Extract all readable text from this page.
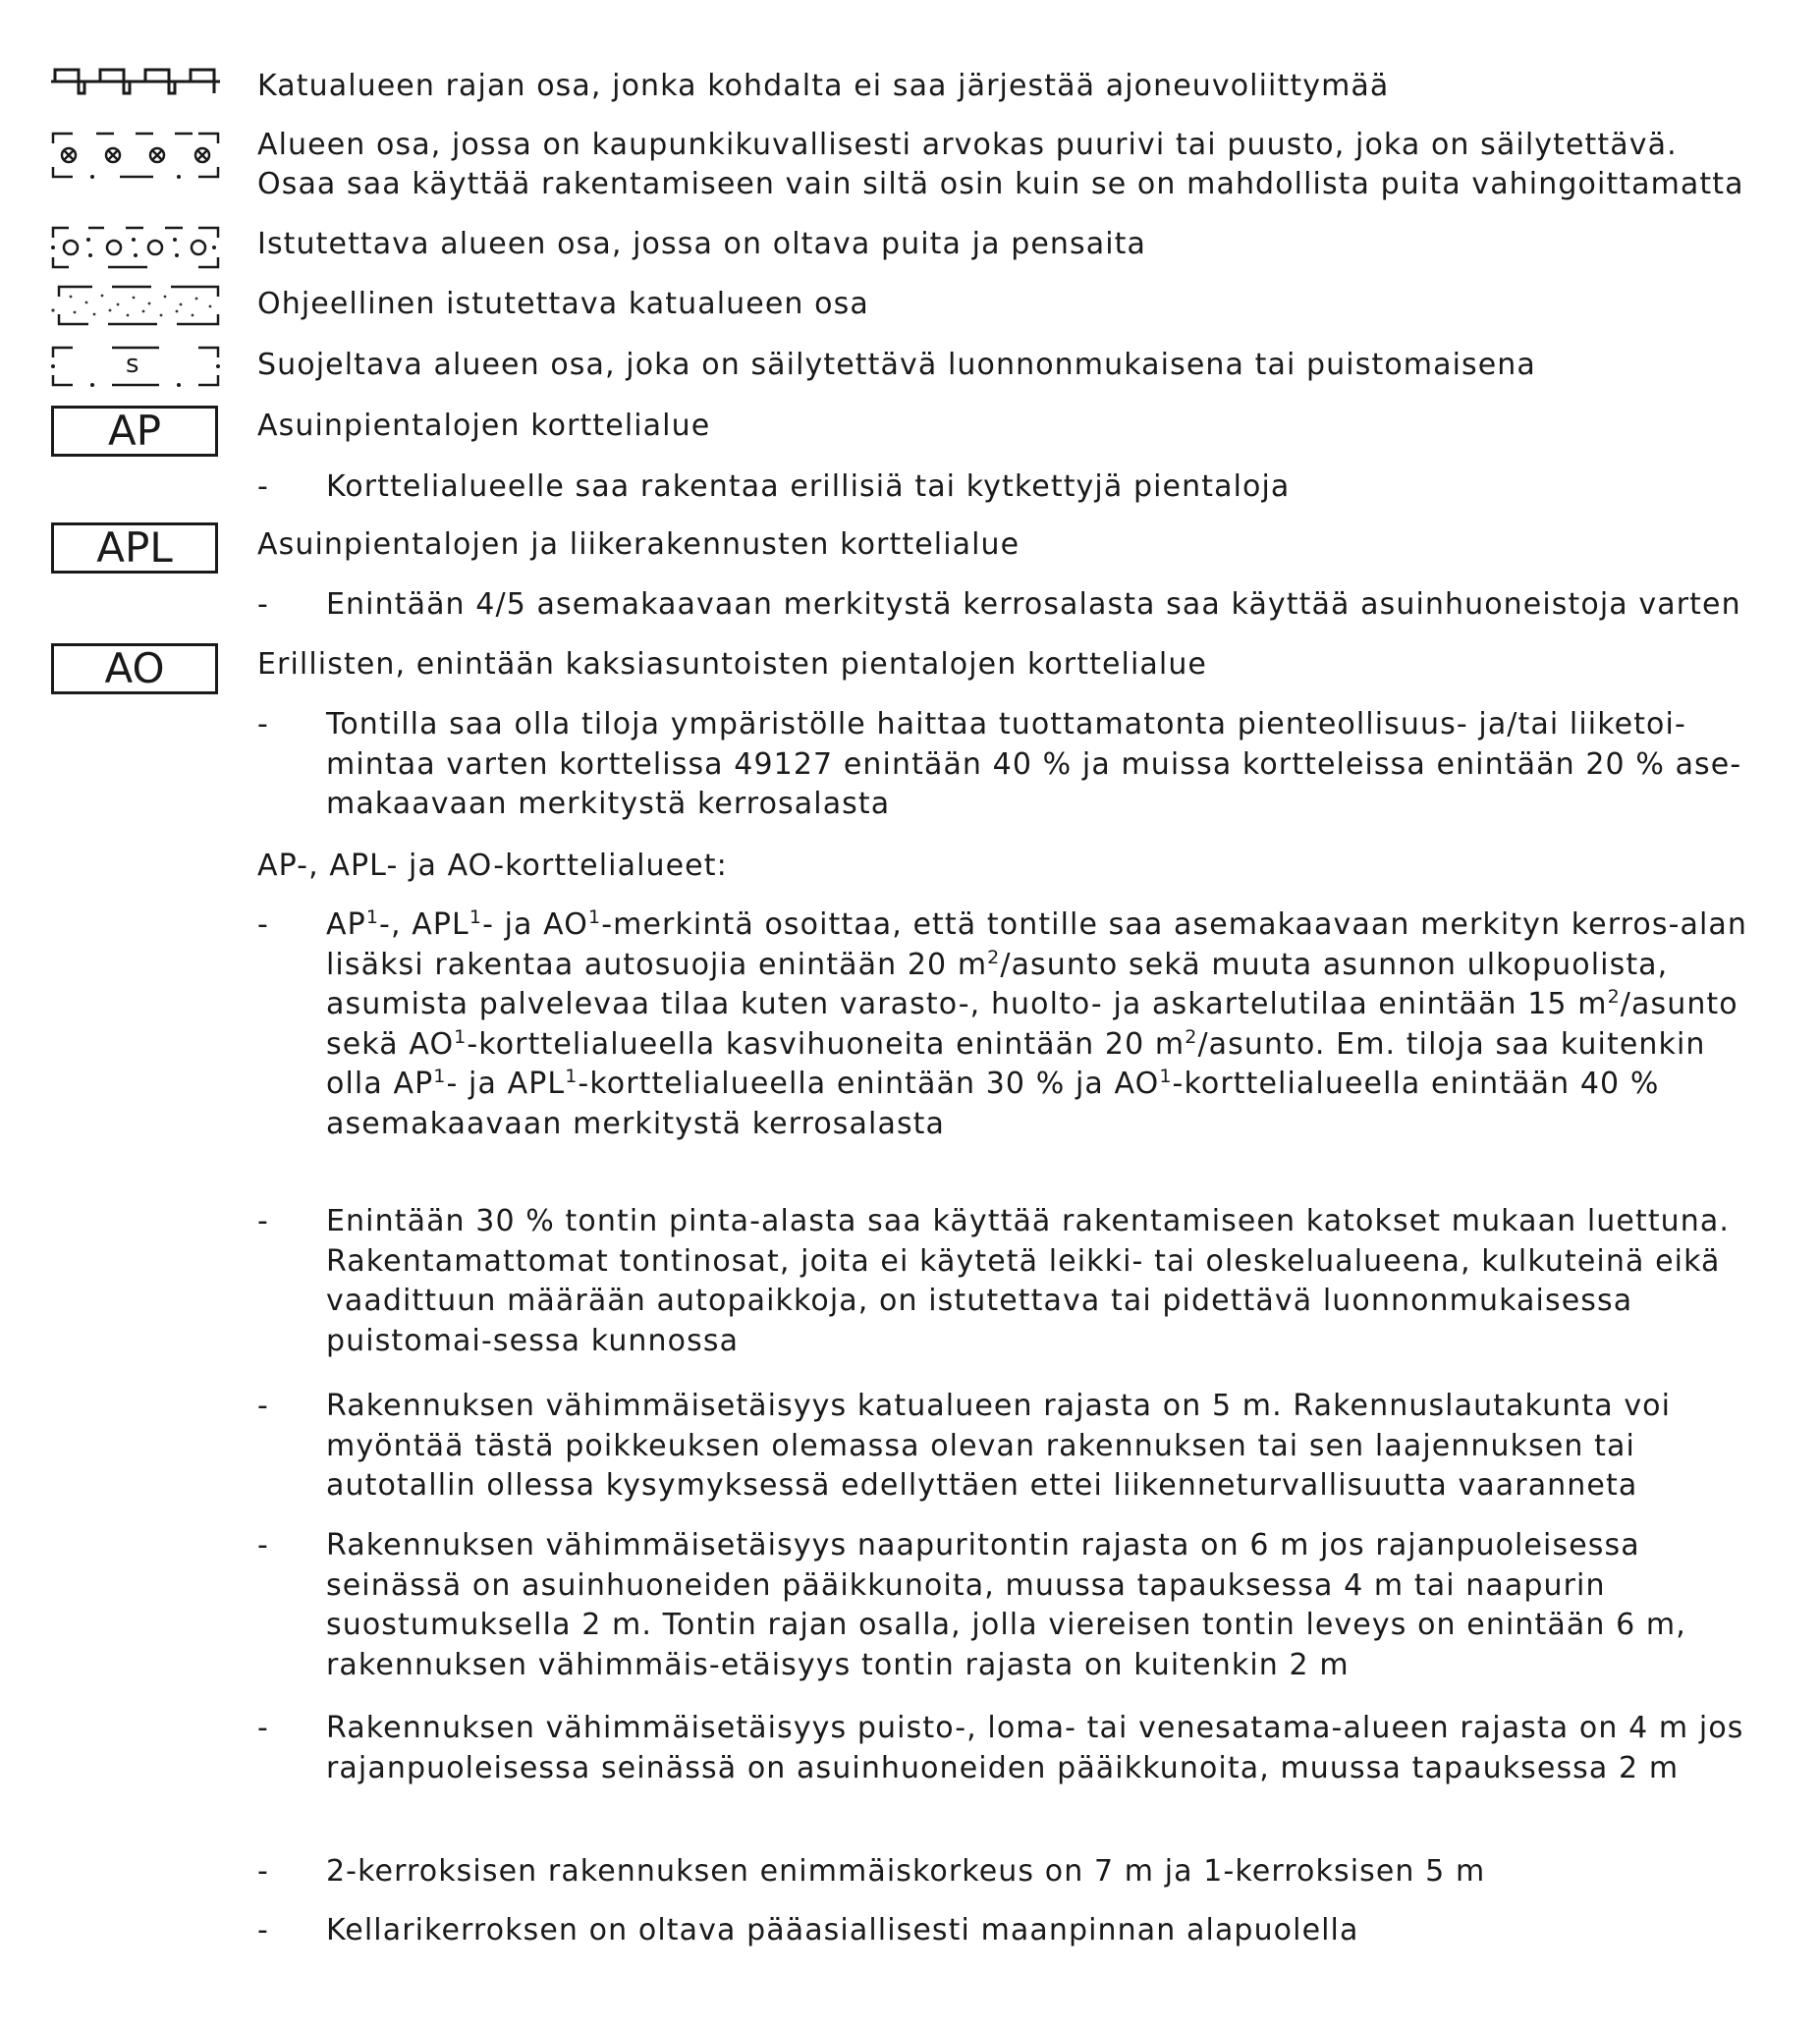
Katualueen rajan osa, jonka kohdalta ei saa järjestää ajoneuvoliittymää
Alueen osa, jossa on kaupunkikuvallisesti arvokas puurivi tai puusto, joka on säilytettävä.
Osaa saa käyttää rakentamiseen vain siltä osin kuin se on mahdollista puita vahingoittamatta
Istutettava alueen osa, jossa on oltava puita ja pensaita
Ohjeellinen istutettava katualueen osa
s	Suojeltava alueen osa, joka on säilytettävä luonnonmukaisena tai puistomaisena
AP	Asuinpientalojen korttelialue
- Korttelialueelle saa rakentaa erillisiä tai kytkettyjä pientaloja
APL	Asuinpientalojen ja liikerakennusten korttelialue
- Enintään 4/5 asemakaavaan merkitystä kerrosalasta saa käyttää asuinhuoneistoja varten
AO	Erillisten, enintään kaksiasuntoisten pientalojen korttelialue
- Tontilla saa olla tiloja ympäristölle haittaa tuottamatonta pienteollisuus- ja/tai liiketoi-mintaa varten korttelissa 49127 enintään 40 % ja muissa kortteleissa enintään 20 % ase-makaavaan merkitystä kerrosalasta
AP-, APL- ja AO-korttelialueet:
- $AP^1-$, APL$^1$- ja $AO^1$-merkintä osoittaa, että tontille saa asemakaavaan merkityn kerros-alan lisäksi rakentaa autosuojia enintään 20 $m^2$/asunto sekä muuta asunnon ulkopuolista, asumista palvelevaa tilaa kuten varasto-, huolto- ja askartelutilaa enintään 15 $m^2$/asunto sekä $AO^1$-korttelialueella kasvihuoneita enintään 20 $m^2$/asunto. Em. tiloja saa kuitenkin olla $AP^1-$ ja APL$^1$-korttelialueella enintään 30 % ja $AO^1$-korttelialueella enintään 40 % asemakaavaan merkitystä kerrosalasta
- Enintään 30 % tontin pinta-alasta saa käyttää rakentamiseen katokset mukaan luettuna. Rakentamattomat tontinosat, joita ei käytetä leikki- tai oleskelualueena, kulkuteinä eikä vaadittuun määrään autopaikkoja, on istutettava tai pidettävä luonnonmukaisessa puistomai-sessa kunnossa
- Rakennuksen vähimmäisetäisyys katualueen rajasta on 5 m. Rakennuslautakunta voi myöntää tästä poikkeuksen olemassa olevan rakennuksen tai sen laajennuksen tai autotallin ollessa kysymyksessä edellyttäen ettei liikenneturvallisuutta vaaranneta
- Rakennuksen vähimmäisetäisyys naapuritontin rajasta on 6 m jos rajanpuoleisessa seinässä on asuinhuoneiden pääikkunoita, muussa tapauksessa 4 m tai naapurin suostumuksella 2 m. Tontin rajan osalla, jolla viereisen tontin leveys on enintään 6 m, rakennuksen vähimmäis-etäisyys tontin rajasta on kuitenkin 2 m
- Rakennuksen vähimmäisetäisyys puisto-, loma- tai venesatama-alueen rajasta on 4 m jos rajanpuoleisessa seinässä on asuinhuoneiden pääikkunoita, muussa tapauksessa 2 m
- 2-kerroksisen rakennuksen enimmäiskorkeus on 7 m ja 1-kerroksisen 5 m
- Kellarikerroksen on oltava pääasiallisesti maanpinnan alapuolella
